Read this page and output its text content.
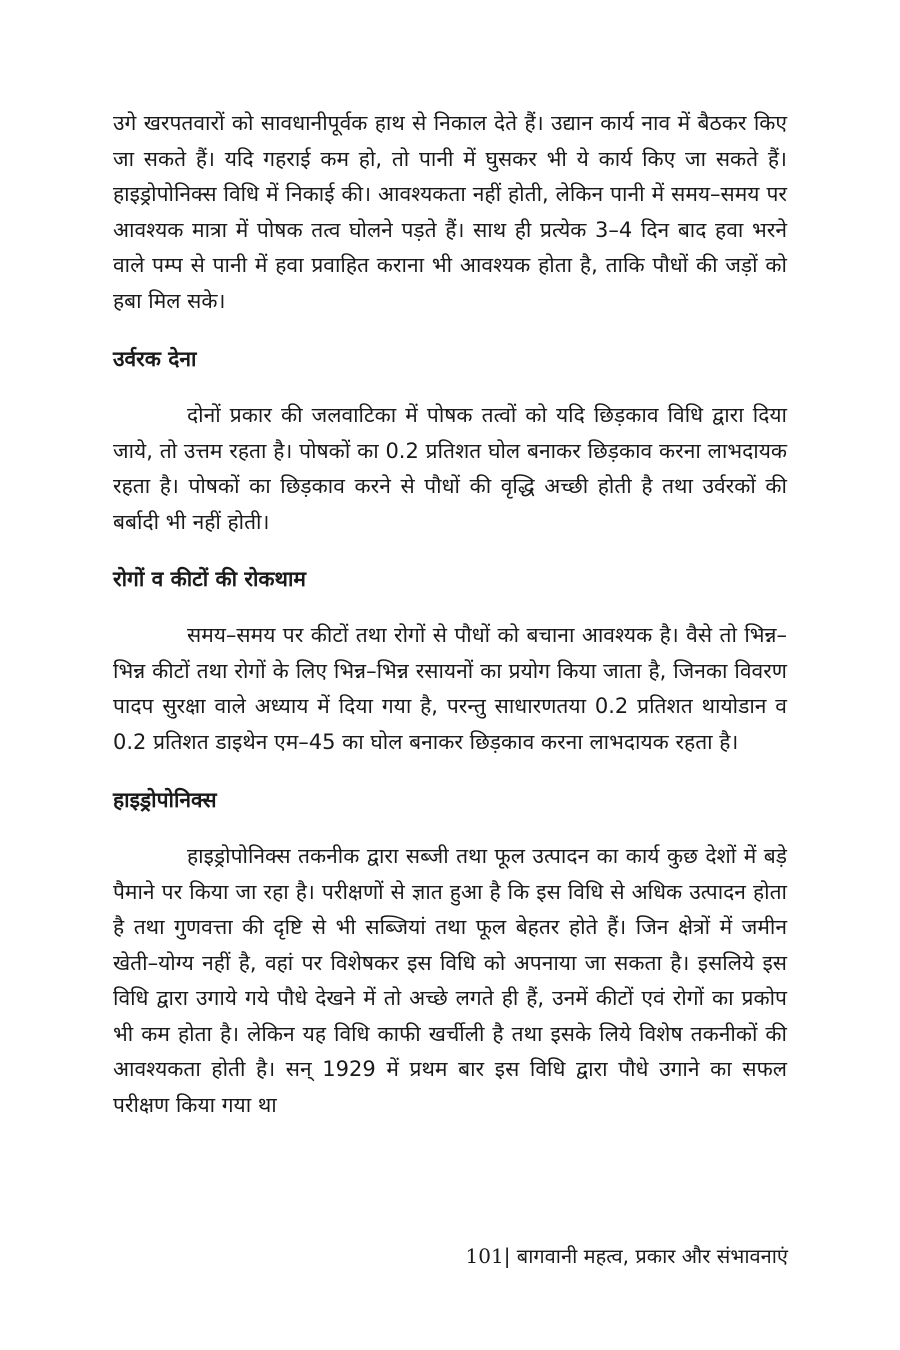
उगे खरपतवारों को सावधानीपूर्वक हाथ से निकाल देते हैं। उद्यान कार्य नाव में बैठकर किए जा सकते हैं। यदि गहराई कम हो, तो पानी में घुसकर भी ये कार्य किए जा सकते हैं। हाइड्रोपोनिक्स विधि में निकाई की। आवश्यकता नहीं होती, लेकिन पानी में समय–समय पर आवश्यक मात्रा में पोषक तत्व घोलने पड़ते हैं। साथ ही प्रत्येक 3–4 दिन बाद हवा भरने वाले पम्प से पानी में हवा प्रवाहित कराना भी आवश्यक होता है, ताकि पौधों की जड़ों को हबा मिल सके।

उर्वरक देना

दोनों प्रकार की जलवाटिका में पोषक तत्वों को यदि छिड़काव विधि द्वारा दिया जाये, तो उत्तम रहता है। पोषकों का 0.2 प्रतिशत घोल बनाकर छिड़काव करना लाभदायक रहता है। पोषकों का छिड़काव करने से पौधों की वृद्धि अच्छी होती है तथा उर्वरकों की बर्बादी भी नहीं होती।

रोगों व कीटों की रोकथाम

समय–समय पर कीटों तथा रोगों से पौधों को बचाना आवश्यक है। वैसे तो भिन्न–भिन्न कीटों तथा रोगों के लिए भिन्न–भिन्न रसायनों का प्रयोग किया जाता है, जिनका विवरण पादप सुरक्षा वाले अध्याय में दिया गया है, परन्तु साधारणतया 0.2 प्रतिशत थायोडान व 0.2 प्रतिशत डाइथेन एम–45 का घोल बनाकर छिड़काव करना लाभदायक रहता है।

हाइड्रोपोनिक्स

हाइड्रोपोनिक्स तकनीक द्वारा सब्जी तथा फूल उत्पादन का कार्य कुछ देशों में बड़े पैमाने पर किया जा रहा है। परीक्षणों से ज्ञात हुआ है कि इस विधि से अधिक उत्पादन होता है तथा गुणवत्ता की दृष्टि से भी सब्जियां तथा फूल बेहतर होते हैं। जिन क्षेत्रों में जमीन खेती–योग्य नहीं है, वहां पर विशेषकर इस विधि को अपनाया जा सकता है। इसलिये इस विधि द्वारा उगाये गये पौधे देखने में तो अच्छे लगते ही हैं, उनमें कीटों एवं रोगों का प्रकोप भी कम होता है। लेकिन यह विधि काफी खर्चीली है तथा इसके लिये विशेष तकनीकों की आवश्यकता होती है। सन् 1929 में प्रथम बार इस विधि द्वारा पौधे उगाने का सफल परीक्षण किया गया था

101| बागवानी महत्व, प्रकार और संभावनाएं
